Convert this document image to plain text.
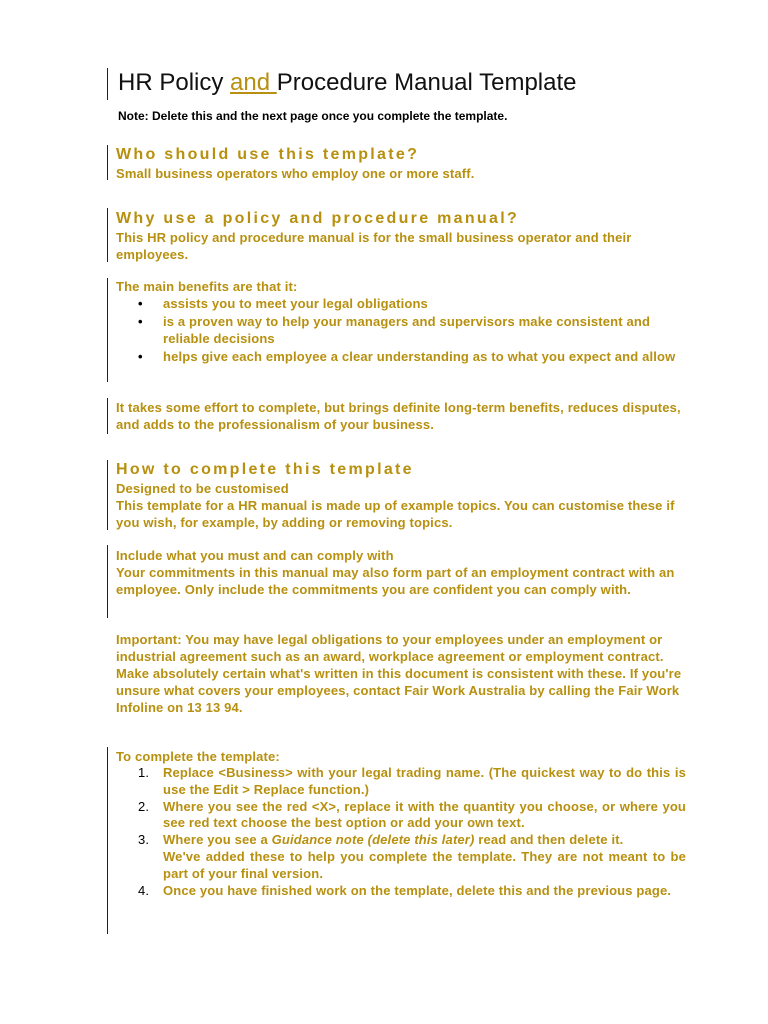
HR Policy and Procedure Manual Template
Note: Delete this and the next page once you complete the template.

Who should use this template?

Small business operators who employ one or more staff.

Why use a policy and procedure manual?

This HR policy and procedure manual is for the small business operator and their employees.

The main benefits are that it:

• assists you to meet your legal obligations
• is a proven way to help your managers and supervisors make consistent and reliable decisions
• helps give each employee a clear understanding as to what you expect and allow

It takes some effort to complete, but brings definite long-term benefits, reduces disputes, and adds to the professionalism of your business.

How to complete this template

Designed to be customised

This template for a HR manual is made up of example topics. You can customise these if you wish, for example, by adding or removing topics.

Include what you must and can comply with

Your commitments in this manual may also form part of an employment contract with an employee. Only include the commitments you are confident you can comply with.

Important: You may have legal obligations to your employees under an employment or industrial agreement such as an award, workplace agreement or employment contract. Make absolutely certain what's written in this document is consistent with these. If you're unsure what covers your employees, contact Fair Work Australia by calling the Fair Work Infoline on 13 13 94.

To complete the template:

1. Replace <Business> with your legal trading name. (The quickest way to do this is use the Edit > Replace function.)
2. Where you see the red <X>, replace it with the quantity you choose, or where you see red text choose the best option or add your own text.
3. Where you see a Guidance note (delete this later) read and then delete it.
We've added these to help you complete the template. They are not meant to be part of your final version.
4. Once you have finished work on the template, delete this and the previous page.
